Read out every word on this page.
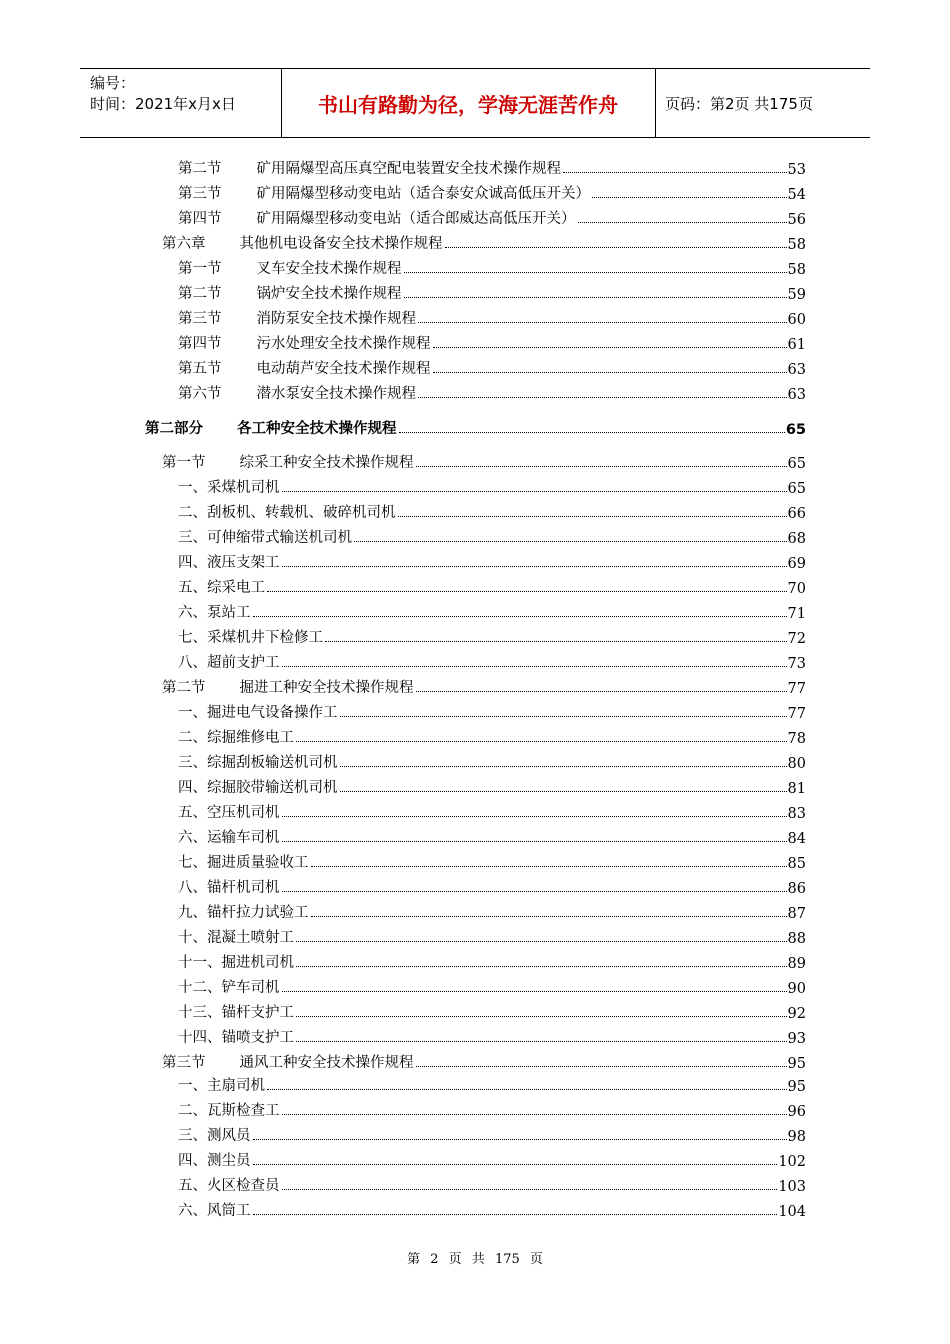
编号：
时间：2021年x月x日	书山有路勤为径，学海无涯苦作舟	页码：第2页 共175页
第二节 矿用隔爆型高压真空配电装置安全技术操作规程	53
第三节 矿用隔爆型移动变电站（适合泰安众诚高低压开关）	54
第四节 矿用隔爆型移动变电站（适合郎威达高低压开关）	56
第六章 其他机电设备安全技术操作规程	58
第一节 叉车安全技术操作规程	58
第二节 锅炉安全技术操作规程	59
第三节 消防泵安全技术操作规程	60
第四节 污水处理安全技术操作规程	61
第五节 电动葫芦安全技术操作规程	63
第六节 潜水泵安全技术操作规程	63
第二部分 各工种安全技术操作规程	65
第一节 综采工种安全技术操作规程	65
一、采煤机司机	65
二、刮板机、转载机、破碎机司机	66
三、可伸缩带式输送机司机	68
四、液压支架工	69
五、综采电工	70
六、泵站工	71
七、采煤机井下检修工	72
八、超前支护工	73
第二节 掘进工种安全技术操作规程	77
一、掘进电气设备操作工	77
二、综掘维修电工	78
三、综掘刮板输送机司机	80
四、综掘胶带输送机司机	81
五、空压机司机	83
六、运输车司机	84
七、掘进质量验收工	85
八、锚杆机司机	86
九、锚杆拉力试验工	87
十、混凝土喷射工	88
十一、掘进机司机	89
十二、铲车司机	90
十三、锚杆支护工	92
十四、锚喷支护工	93
第三节 通风工种安全技术操作规程	95
一、主扇司机	95
二、瓦斯检查工	96
三、测风员	98
四、测尘员	102
五、火区检查员	103
六、风筒工	104
第 2 页 共 175 页
